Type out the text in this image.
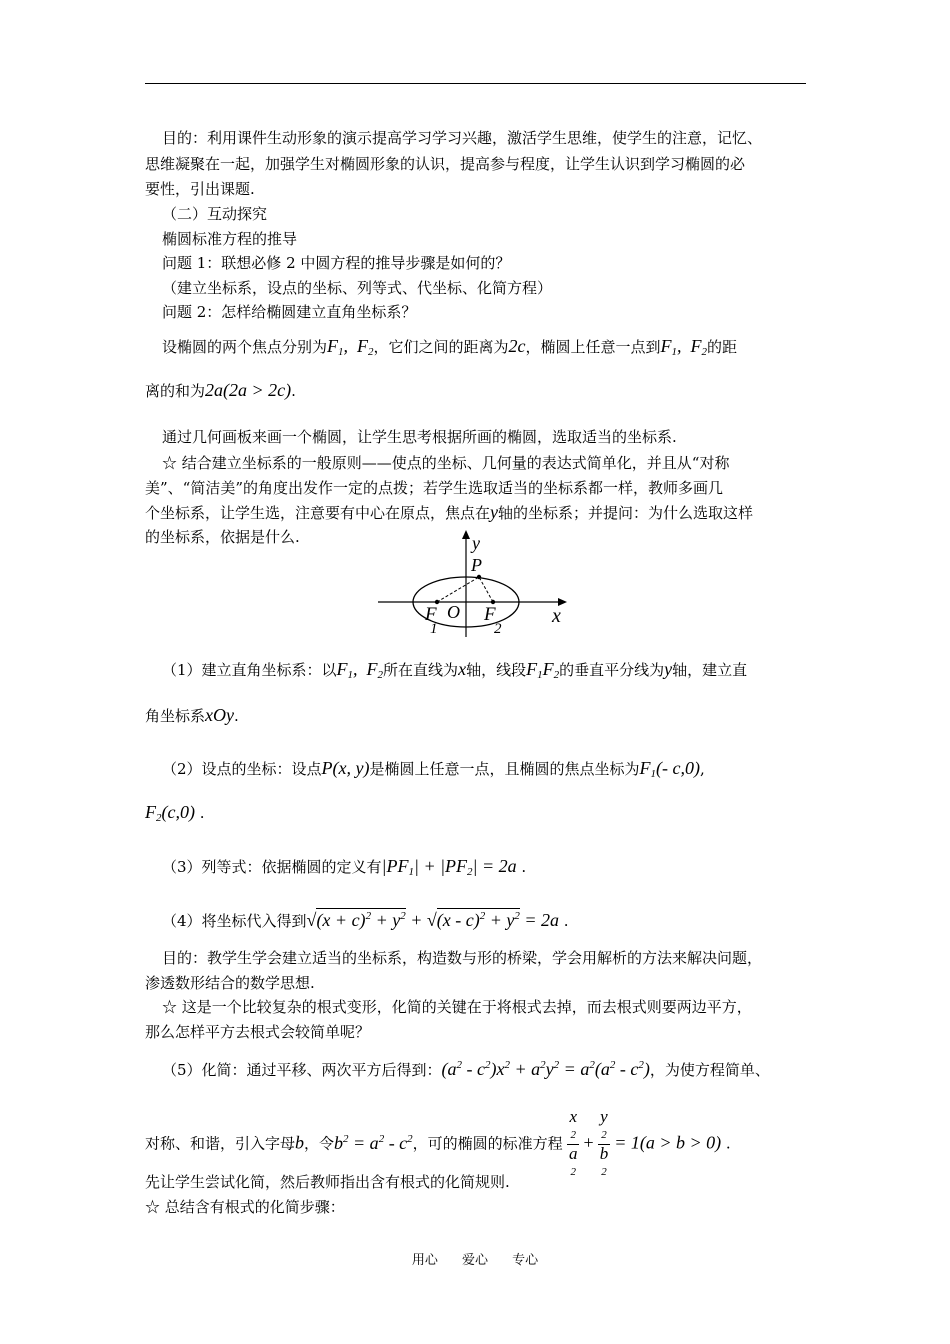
目的：利用课件生动形象的演示提高学习学习兴趣，激活学生思维，使学生的注意，记忆、
思维凝聚在一起，加强学生对椭圆形象的认识，提高参与程度，让学生认识到学习椭圆的必
要性，引出课题.
（二）互动探究
椭圆标准方程的推导
问题 1：联想必修 2 中圆方程的推导步骤是如何的？
（建立坐标系，设点的坐标、列等式、代坐标、化简方程）
问题 2：怎样给椭圆建立直角坐标系？
设椭圆的两个焦点分别为$F_1$,  $F_2$，它们之间的距离为2c，椭圆上任意一点到$F_1$,  $F_2$的距
离的和为2a(2a > 2c).
通过几何画板来画一个椭圆，让学生思考根据所画的椭圆，选取适当的坐标系.
☆ 结合建立坐标系的一般原则——使点的坐标、几何量的表达式简单化，并且从“对称
美”、“简洁美”的角度出发作一定的点拨；若学生选取适当的坐标系都一样，教师多画几
个坐标系，让学生选，注意要有中心在原点，焦点在y轴的坐标系；并提问：为什么选取这样
的坐标系，依据是什么.	y
P
O	x
F
1
F
2
（1）建立直角坐标系：以$F_1$,  $F_2$所在直线为x轴，线段$F_1F_2$的垂直平分线为y轴，建立直
角坐标系xOy.
（2）设点的坐标：设点P(x, y)是椭圆上任意一点，且椭圆的焦点坐标为$F_1(-$ c,0),
$F_2(c,0)$ .
（3）列等式：依据椭圆的定义有$|PF_1| + |PF_2| = 2a$ .
（4）将坐标代入得到$√(x + c)^2 + y^2 + √(x - c)^2 + y^2 = 2a$ .
目的：教学生学会建立适当的坐标系，构造数与形的桥梁，学会用解析的方法来解决问题，
渗透数形结合的数学思想.
☆ 这是一个比较复杂的根式变形，化简的关键在于将根式去掉，而去根式则要两边平方，
那么怎样平方去根式会较简单呢？
（5）化简：通过平移、两次平方后得到：$(a^2 - c^2)x^2 + a^2y^2 = a^2(a^2 - c^2)$，为使方程简单、
对称、和谐，引入字母b，令$b^2 = a^2 - c^2$，可的椭圆的标准方程 x
2
a
2 + y
2
b
2 = 1(a > b > 0) .
先让学生尝试化简，然后教师指出含有根式的化简规则.
☆ 总结含有根式的化简步骤：
用心 爱心 专心
